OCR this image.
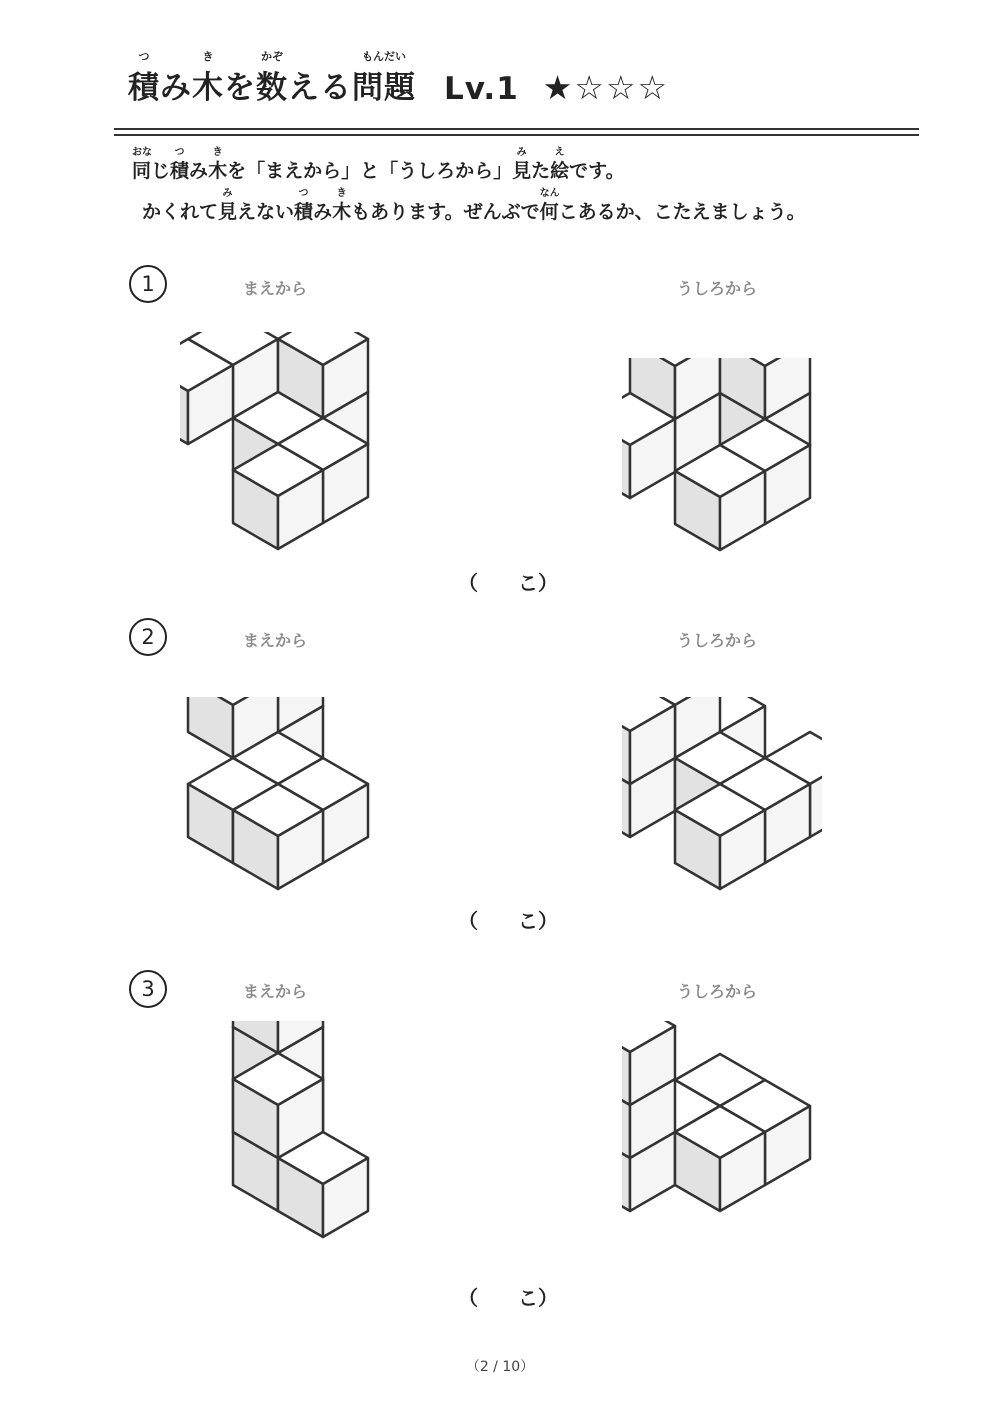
つ
積 み
き
木 を
かぞ
数 える
もんだい
問題 Lv.1 ★☆☆☆
おな
同じ
つ
積み
き
木を「まえから」と「うしろから」
み
見た
え
絵です。
かくれて
み
見えない
つ
積み
き
木もあります。ぜんぶで
なん
何こあるか、こたえましょう。
1	まえから	うしろから
（　　こ）
2	まえから	うしろから
（　　こ）
3	まえから	うしろから
（　　こ）
（2 / 10）
